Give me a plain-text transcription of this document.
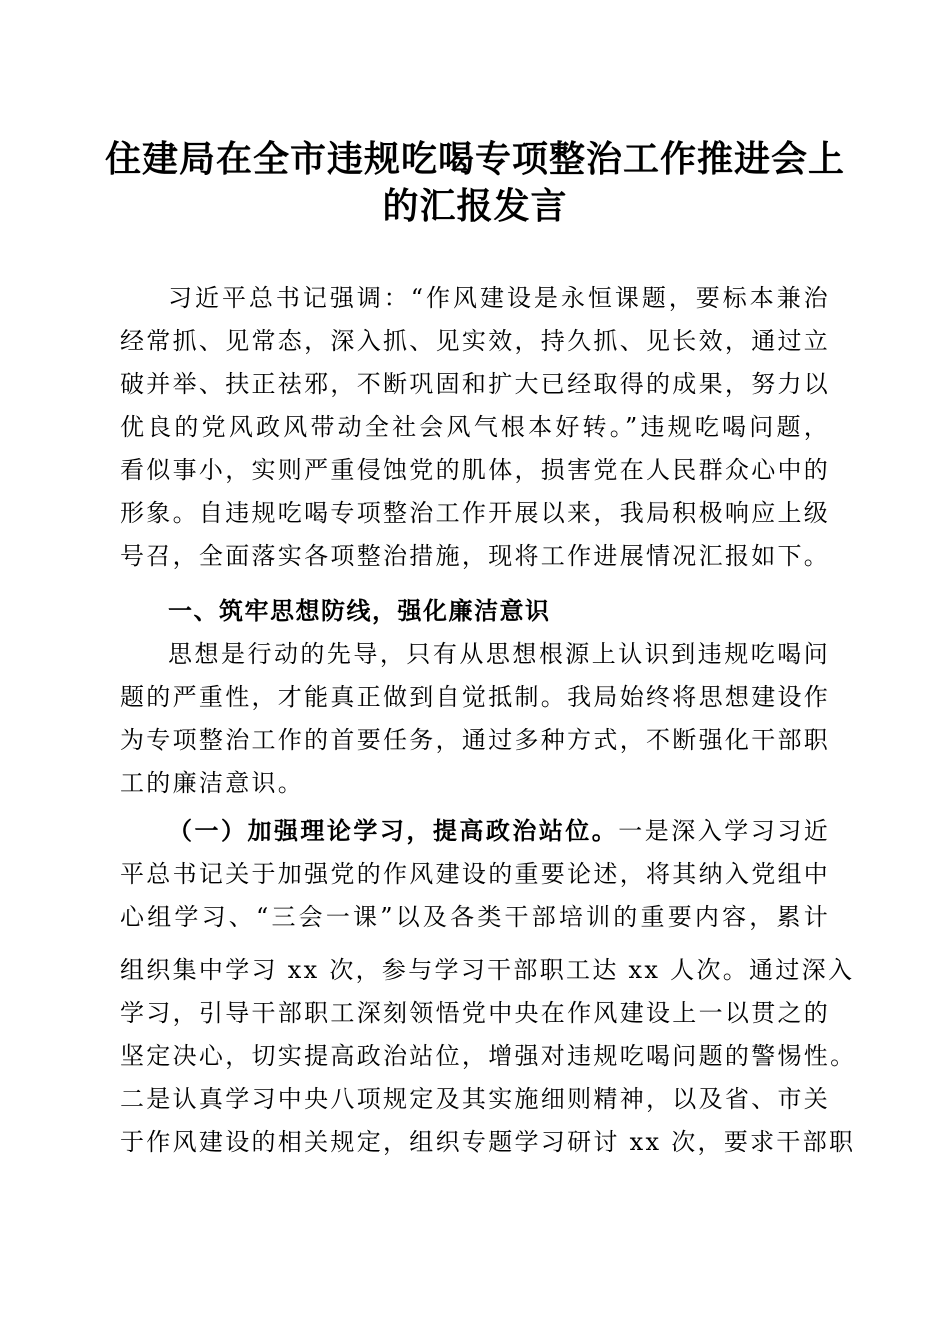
住建局在全市违规吃喝专项整治工作推进会上
的汇报发言

习近平总书记强调：“作风建设是永恒课题，要标本兼治

经常抓、见常态，深入抓、见实效，持久抓、见长效，通过立

破并举、扶正祛邪，不断巩固和扩大已经取得的成果，努力以

优良的党风政风带动全社会风气根本好转。”违规吃喝问题，

看似事小，实则严重侵蚀党的肌体，损害党在人民群众心中的

形象。自违规吃喝专项整治工作开展以来，我局积极响应上级

号召，全面落实各项整治措施，现将工作进展情况汇报如下。

一、筑牢思想防线，强化廉洁意识

思想是行动的先导，只有从思想根源上认识到违规吃喝问

题的严重性，才能真正做到自觉抵制。我局始终将思想建设作

为专项整治工作的首要任务，通过多种方式，不断强化干部职

工的廉洁意识。

（一）加强理论学习，提高政治站位。一是深入学习习近

平总书记关于加强党的作风建设的重要论述，将其纳入党组中

心组学习、“三会一课”以及各类干部培训的重要内容，累计

组织集中学习 xx 次，参与学习干部职工达 xx 人次。通过深入

学习，引导干部职工深刻领悟党中央在作风建设上一以贯之的

坚定决心，切实提高政治站位，增强对违规吃喝问题的警惕性。

二是认真学习中央八项规定及其实施细则精神，以及省、市关

于作风建设的相关规定，组织专题学习研讨 xx 次，要求干部职
